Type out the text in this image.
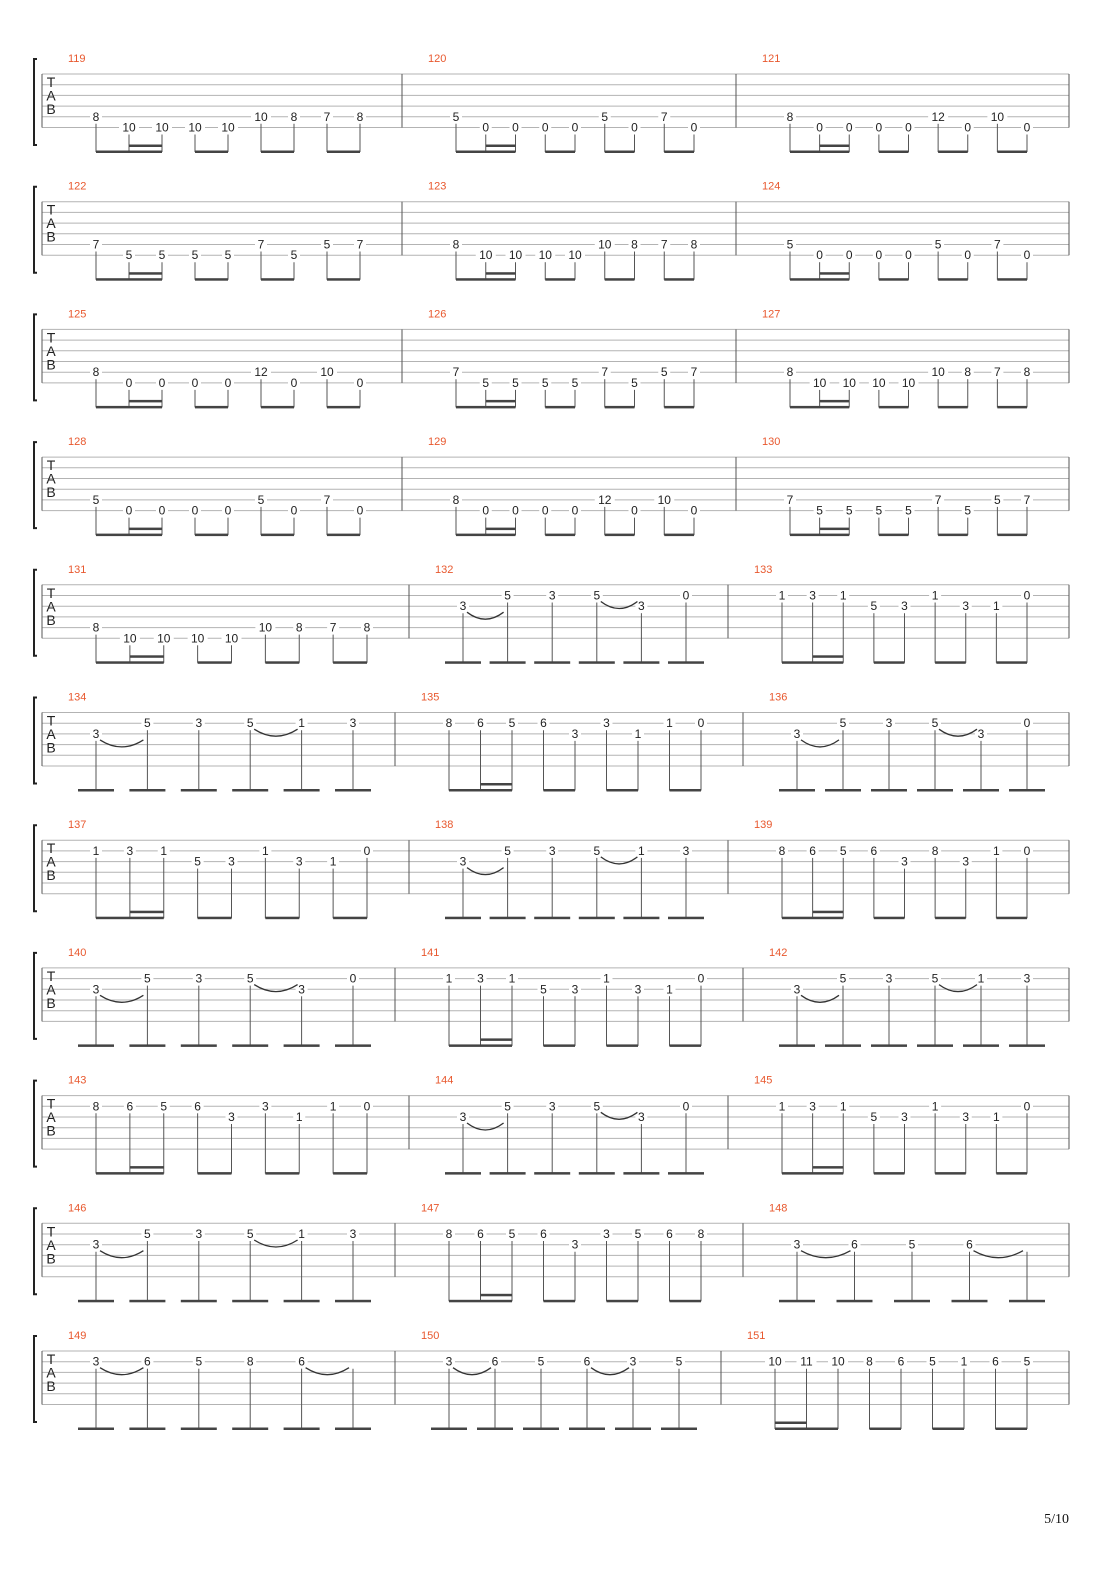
T
A
B
119
8
10 10 10 10
10 8 7 8
120
5
0 0 0 0
5
0
7
0
121
8
0 0 0 0
12
0
10
0
T
A
B
122
7
5 5 5 5
7
5
5 7
123
8
10 10 10 10
10 8 7 8
124
5
0 0 0 0
5
0
7
0
T
A
B
125
8
0 0 0 0
12
0
10
0
126
7
5 5 5 5
7
5
5 7
127
8
10 10 10 10
10 8 7 8
T
A
B
128
5
0 0 0 0
5
0
7
0
129
8
0 0 0 0
12
0
10
0
130
7
5 5 5 5
7
5
5 7
T
A
B
131
8
10 10 10 10
10 8 7 8
132
3
5	3	5
3
0
133
1 3 1
5 3
1
3 1
0
T
A
B
134
3
5	3	5	1	3
135
8 6 5 6
3
3
1
1 0
136
3
5	3	5
3
0
T
A
B
137
1 3 1
5 3
1
3 1
0
138
3
5	3	5	1	3
139
8 6 5 6
3
8
3
1 0
T
A
B
140
3
5	3	5
3
0
141
1 3 1
5 3
1
3 1
0
142
3
5	3	5	1	3
T
A
B
143
8 6 5 6
3
3
1
1 0
144
3
5	3	5
3
0
145
1 3 1
5 3
1
3 1
0
T
A
B
146
3
5	3	5	1	3
147
8 6 5 6
3
3 5 6 8
148
3	6	5	6
T
A
B
149
3	6	5	8	6
150
3	6	5	6	3	5
151
10 11 10 8 6 5 1 6 5

5/10
